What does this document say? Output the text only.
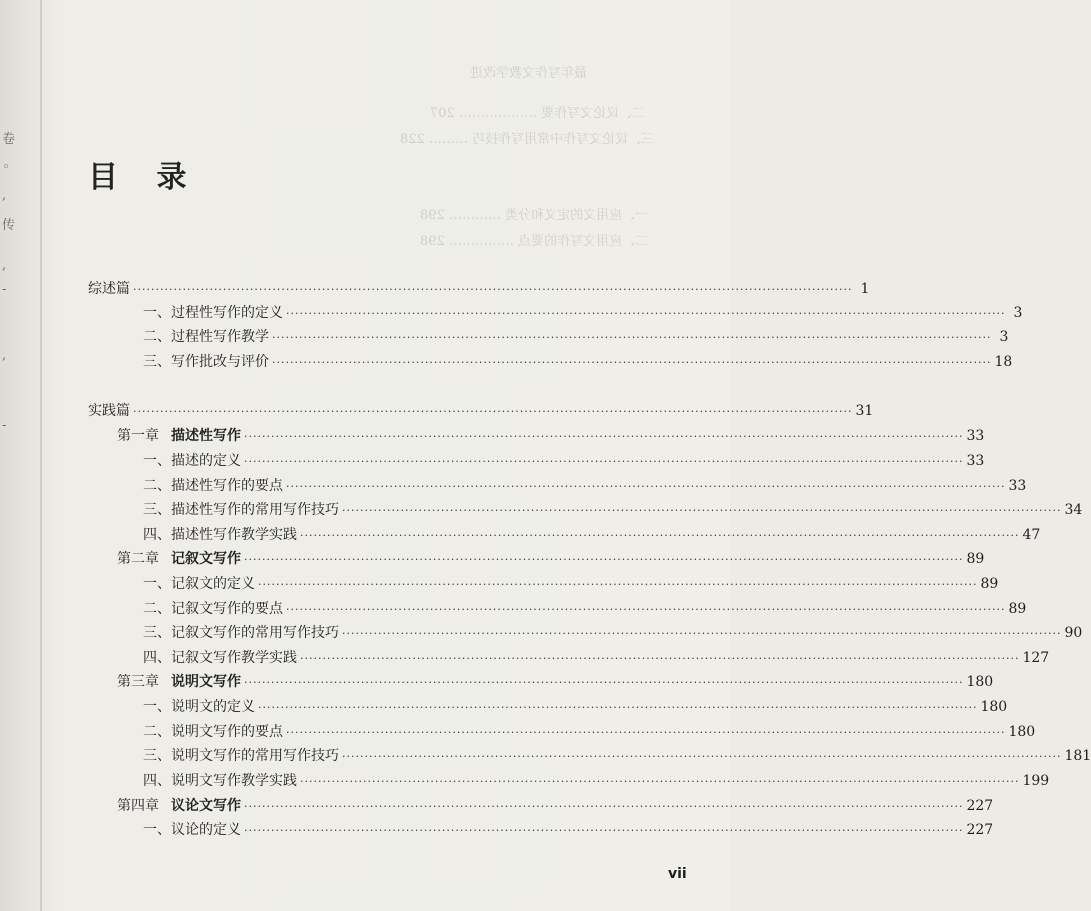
卷
◦
,
传
,
-
,
-
最年写作文教学改进
二、议论文写作要 ……………… 207
三、议论文写作中常用写作技巧 ……… 228
一、应用文的定义和分类 ………… 298
二、应用文写作的要点 …………… 298
目 录
综述篇 ································································································································································ 1
一、过程性写作的定义 ································································································································································ 3
二、过程性写作教学 ································································································································································ 3
三、写作批改与评价 ································································································································································ 18
实践篇 ································································································································································ 31
第一章 描述性写作 ································································································································································ 33
一、描述的定义 ································································································································································ 33
二、描述性写作的要点 ································································································································································ 33
三、描述性写作的常用写作技巧 ································································································································································ 34
四、描述性写作教学实践 ································································································································································ 47
第二章 记叙文写作 ································································································································································ 89
一、记叙文的定义 ································································································································································ 89
二、记叙文写作的要点 ································································································································································ 89
三、记叙文写作的常用写作技巧 ································································································································································ 90
四、记叙文写作教学实践 ································································································································································ 127
第三章 说明文写作 ································································································································································ 180
一、说明文的定义 ································································································································································ 180
二、说明文写作的要点 ································································································································································ 180
三、说明文写作的常用写作技巧 ································································································································································ 181
四、说明文写作教学实践 ································································································································································ 199
第四章 议论文写作 ································································································································································ 227
一、议论的定义 ································································································································································ 227
vii
